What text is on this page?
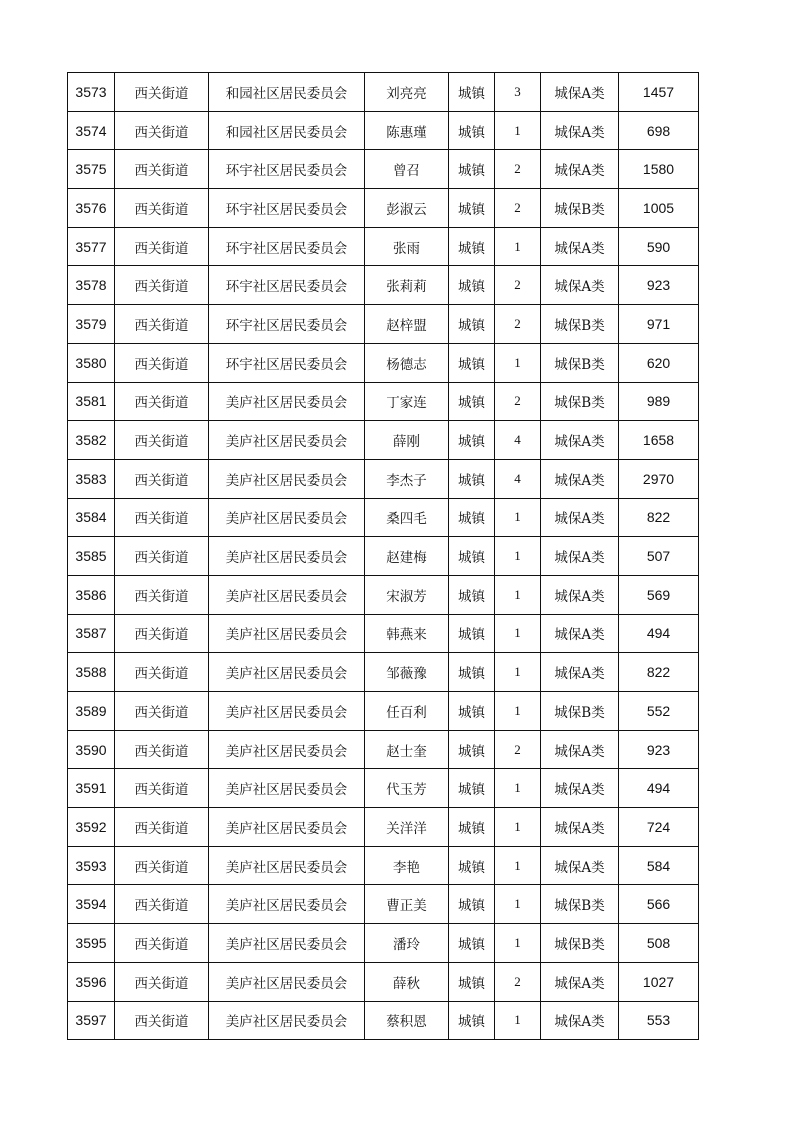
3573	西关街道	和园社区居民委员会	刘亮亮	城镇	3	城保A类	1457
3574	西关街道	和园社区居民委员会	陈惠瑾	城镇	1	城保A类	698
3575	西关街道	环宇社区居民委员会	曾召	城镇	2	城保A类	1580
3576	西关街道	环宇社区居民委员会	彭淑云	城镇	2	城保B类	1005
3577	西关街道	环宇社区居民委员会	张雨	城镇	1	城保A类	590
3578	西关街道	环宇社区居民委员会	张莉莉	城镇	2	城保A类	923
3579	西关街道	环宇社区居民委员会	赵梓盟	城镇	2	城保B类	971
3580	西关街道	环宇社区居民委员会	杨德志	城镇	1	城保B类	620
3581	西关街道	美庐社区居民委员会	丁家连	城镇	2	城保B类	989
3582	西关街道	美庐社区居民委员会	薛刚	城镇	4	城保A类	1658
3583	西关街道	美庐社区居民委员会	李杰子	城镇	4	城保A类	2970
3584	西关街道	美庐社区居民委员会	桑四毛	城镇	1	城保A类	822
3585	西关街道	美庐社区居民委员会	赵建梅	城镇	1	城保A类	507
3586	西关街道	美庐社区居民委员会	宋淑芳	城镇	1	城保A类	569
3587	西关街道	美庐社区居民委员会	韩燕来	城镇	1	城保A类	494
3588	西关街道	美庐社区居民委员会	邹薇豫	城镇	1	城保A类	822
3589	西关街道	美庐社区居民委员会	任百利	城镇	1	城保B类	552
3590	西关街道	美庐社区居民委员会	赵士奎	城镇	2	城保A类	923
3591	西关街道	美庐社区居民委员会	代玉芳	城镇	1	城保A类	494
3592	西关街道	美庐社区居民委员会	关洋洋	城镇	1	城保A类	724
3593	西关街道	美庐社区居民委员会	李艳	城镇	1	城保A类	584
3594	西关街道	美庐社区居民委员会	曹正美	城镇	1	城保B类	566
3595	西关街道	美庐社区居民委员会	潘玲	城镇	1	城保B类	508
3596	西关街道	美庐社区居民委员会	薛秋	城镇	2	城保A类	1027
3597	西关街道	美庐社区居民委员会	蔡积恩	城镇	1	城保A类	553
